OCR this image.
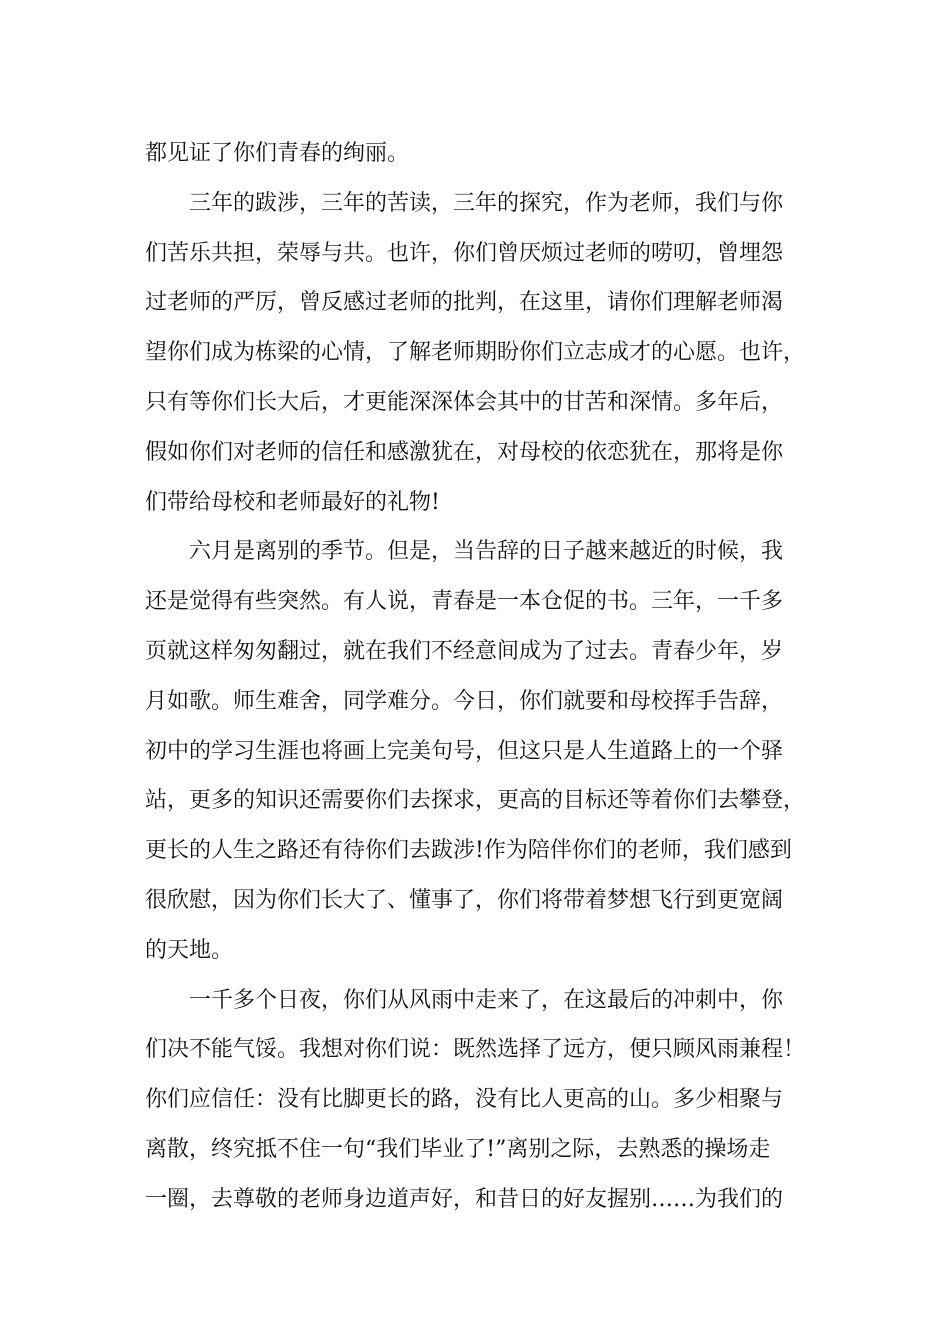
都见证了你们青春的绚丽。
三年的跋涉，三年的苦读，三年的探究，作为老师，我们与你
们苦乐共担，荣辱与共。也许，你们曾厌烦过老师的唠叨，曾埋怨
过老师的严厉，曾反感过老师的批判，在这里，请你们理解老师渴
望你们成为栋梁的心情，了解老师期盼你们立志成才的心愿。也许，
只有等你们长大后，才更能深深体会其中的甘苦和深情。多年后，
假如你们对老师的信任和感激犹在，对母校的依恋犹在，那将是你
们带给母校和老师最好的礼物!
六月是离别的季节。但是，当告辞的日子越来越近的时候，我
还是觉得有些突然。有人说，青春是一本仓促的书。三年，一千多
页就这样匆匆翻过，就在我们不经意间成为了过去。青春少年，岁
月如歌。师生难舍，同学难分。今日，你们就要和母校挥手告辞，
初中的学习生涯也将画上完美句号，但这只是人生道路上的一个驿
站，更多的知识还需要你们去探求，更高的目标还等着你们去攀登，
更长的人生之路还有待你们去跋涉!作为陪伴你们的老师，我们感到
很欣慰，因为你们长大了、懂事了，你们将带着梦想飞行到更宽阔
的天地。
一千多个日夜，你们从风雨中走来了，在这最后的冲刺中，你
们决不能气馁。我想对你们说：既然选择了远方，便只顾风雨兼程！
你们应信任：没有比脚更长的路，没有比人更高的山。多少相聚与
离散，终究抵不住一句“我们毕业了!”离别之际，去熟悉的操场走
一圈，去尊敬的老师身边道声好，和昔日的好友握别……为我们的
